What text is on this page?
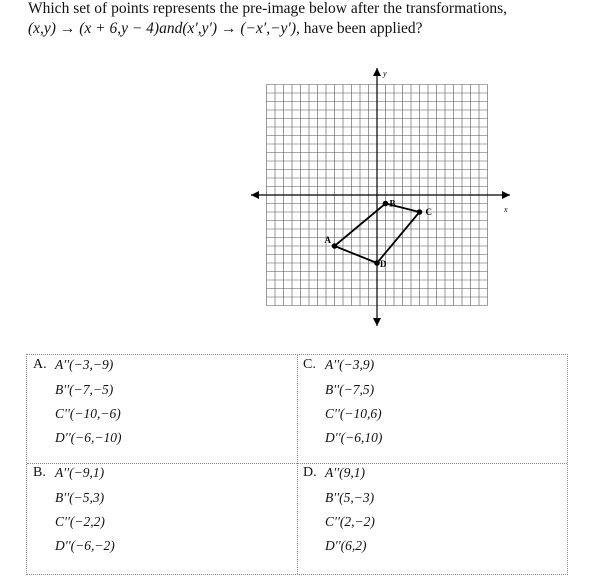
Which set of points represents the pre-image below after the transformations,
(x,y) → (x + 6,y − 4)and(x′,y′) → (−x′,−y′), have been applied?
x
y
A
B
C
D
A. A′′(−3,−9)
B′′(−7,−5)
C′′(−10,−6)
D′′(−6,−10)
C. A′′(−3,9)
B′′(−7,5)
C′′(−10,6)
D′′(−6,10)
B. A′′(−9,1)
B′′(−5,3)
C′′(−2,2)
D′′(−6,−2)
D. A′′(9,1)
B′′(5,−3)
C′′(2,−2)
D′′(6,2)
